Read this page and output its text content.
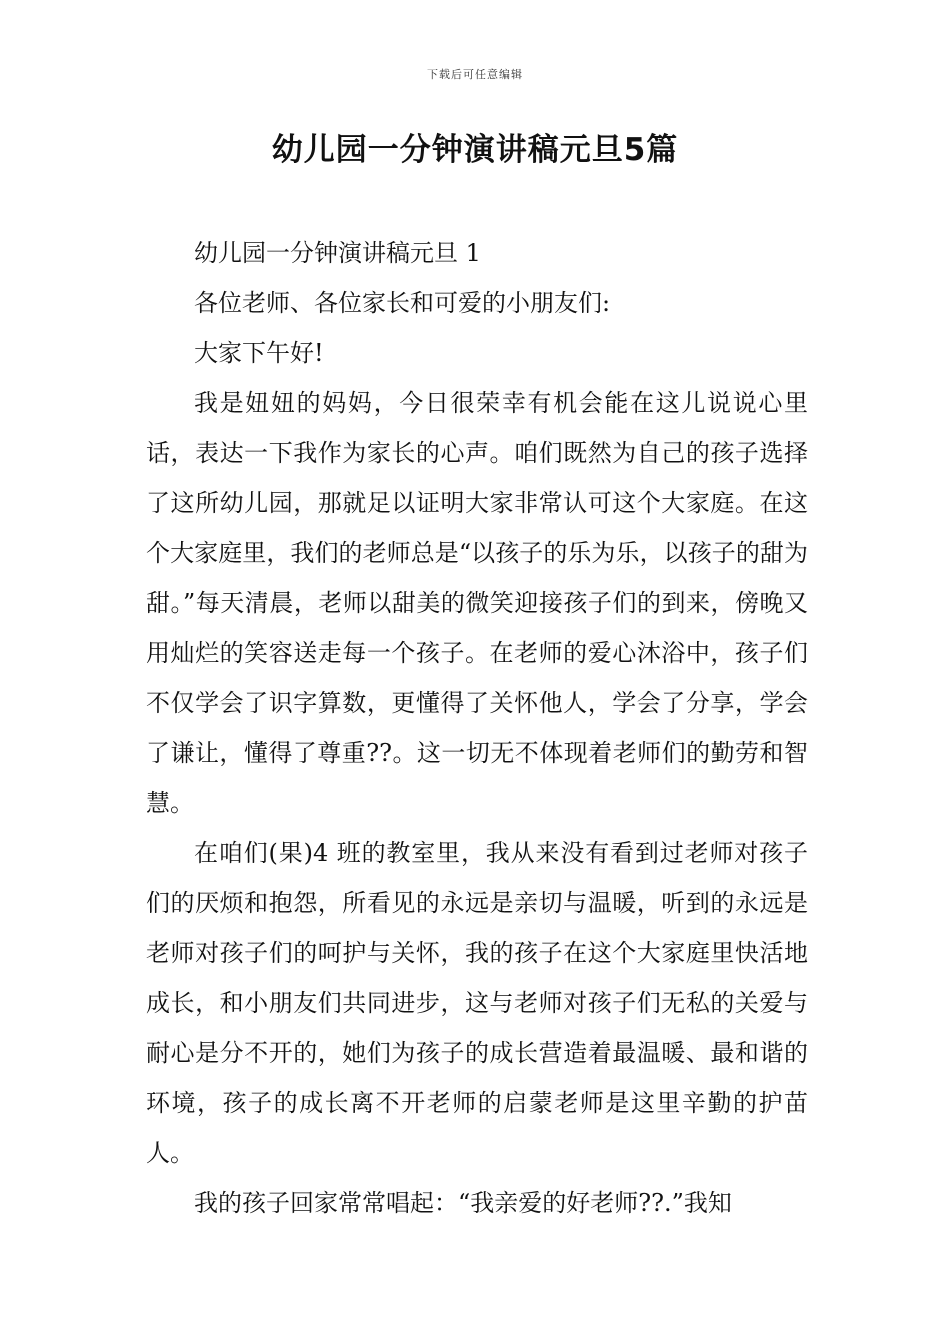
下载后可任意编辑
幼儿园一分钟演讲稿元旦5篇

幼儿园一分钟演讲稿元旦 1

各位老师、各位家长和可爱的小朋友们:

大家下午好!

我是妞妞的妈妈，今日很荣幸有机会能在这儿说说心里话，表达一下我作为家长的心声。咱们既然为自己的孩子选择了这所幼儿园，那就足以证明大家非常认可这个大家庭。在这个大家庭里，我们的老师总是“以孩子的乐为乐，以孩子的甜为甜。”每天清晨，老师以甜美的微笑迎接孩子们的到来，傍晚又用灿烂的笑容送走每一个孩子。在老师的爱心沐浴中，孩子们不仅学会了识字算数，更懂得了关怀他人，学会了分享，学会了谦让，懂得了尊重??。这一切无不体现着老师们的勤劳和智慧。

在咱们(果)4 班的教室里，我从来没有看到过老师对孩子们的厌烦和抱怨，所看见的永远是亲切与温暖，听到的永远是老师对孩子们的呵护与关怀，我的孩子在这个大家庭里快活地成长，和小朋友们共同进步，这与老师对孩子们无私的关爱与耐心是分不开的，她们为孩子的成长营造着最温暖、最和谐的环境，孩子的成长离不开老师的启蒙老师是这里辛勤的护苗人。

我的孩子回家常常唱起：“我亲爱的好老师??.”我知
